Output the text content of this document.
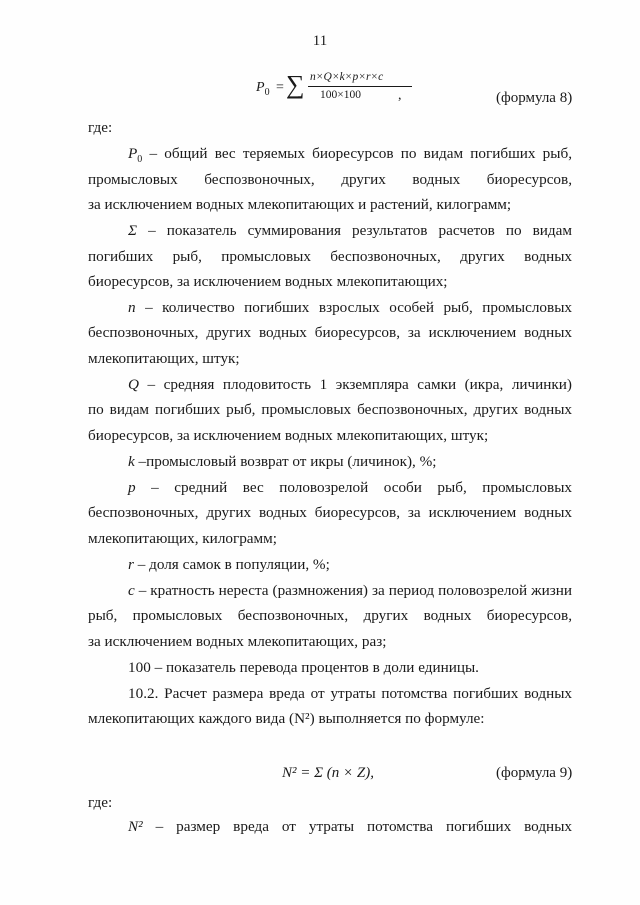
11
$P_0$ = ∑ n×Q×k×p×r×c
100×100	,	(формула 8)
где:
$P_0$ – общий вес теряемых биоресурсов по видам погибших рыб,
промысловых беспозвоночных, других водных биоресурсов,
за исключением водных млекопитающих и растений, килограмм;
Σ – показатель суммирования результатов расчетов по видам
погибших рыб, промысловых беспозвоночных, других водных
биоресурсов, за исключением водных млекопитающих;
n – количество погибших взрослых особей рыб, промысловых
беспозвоночных, других водных биоресурсов, за исключением водных
млекопитающих, штук;
Q – средняя плодовитость 1 экземпляра самки (икра, личинки)
по видам погибших рыб, промысловых беспозвоночных, других водных
биоресурсов, за исключением водных млекопитающих, штук;
k –промысловый возврат от икры (личинок), %;
p – средний вес половозрелой особи рыб, промысловых
беспозвоночных, других водных биоресурсов, за исключением водных
млекопитающих, килограмм;
r – доля самок в популяции, %;
c – кратность нереста (размножения) за период половозрелой жизни
рыб, промысловых беспозвоночных, других водных биоресурсов,
за исключением водных млекопитающих, раз;
100 – показатель перевода процентов в доли единицы.
10.2. Расчет размера вреда от утраты потомства погибших водных
млекопитающих каждого вида (N²) выполняется по формуле:
N² = Σ (n × Z),	(формула 9)
где:
N² – размер вреда от утраты потомства погибших водных
